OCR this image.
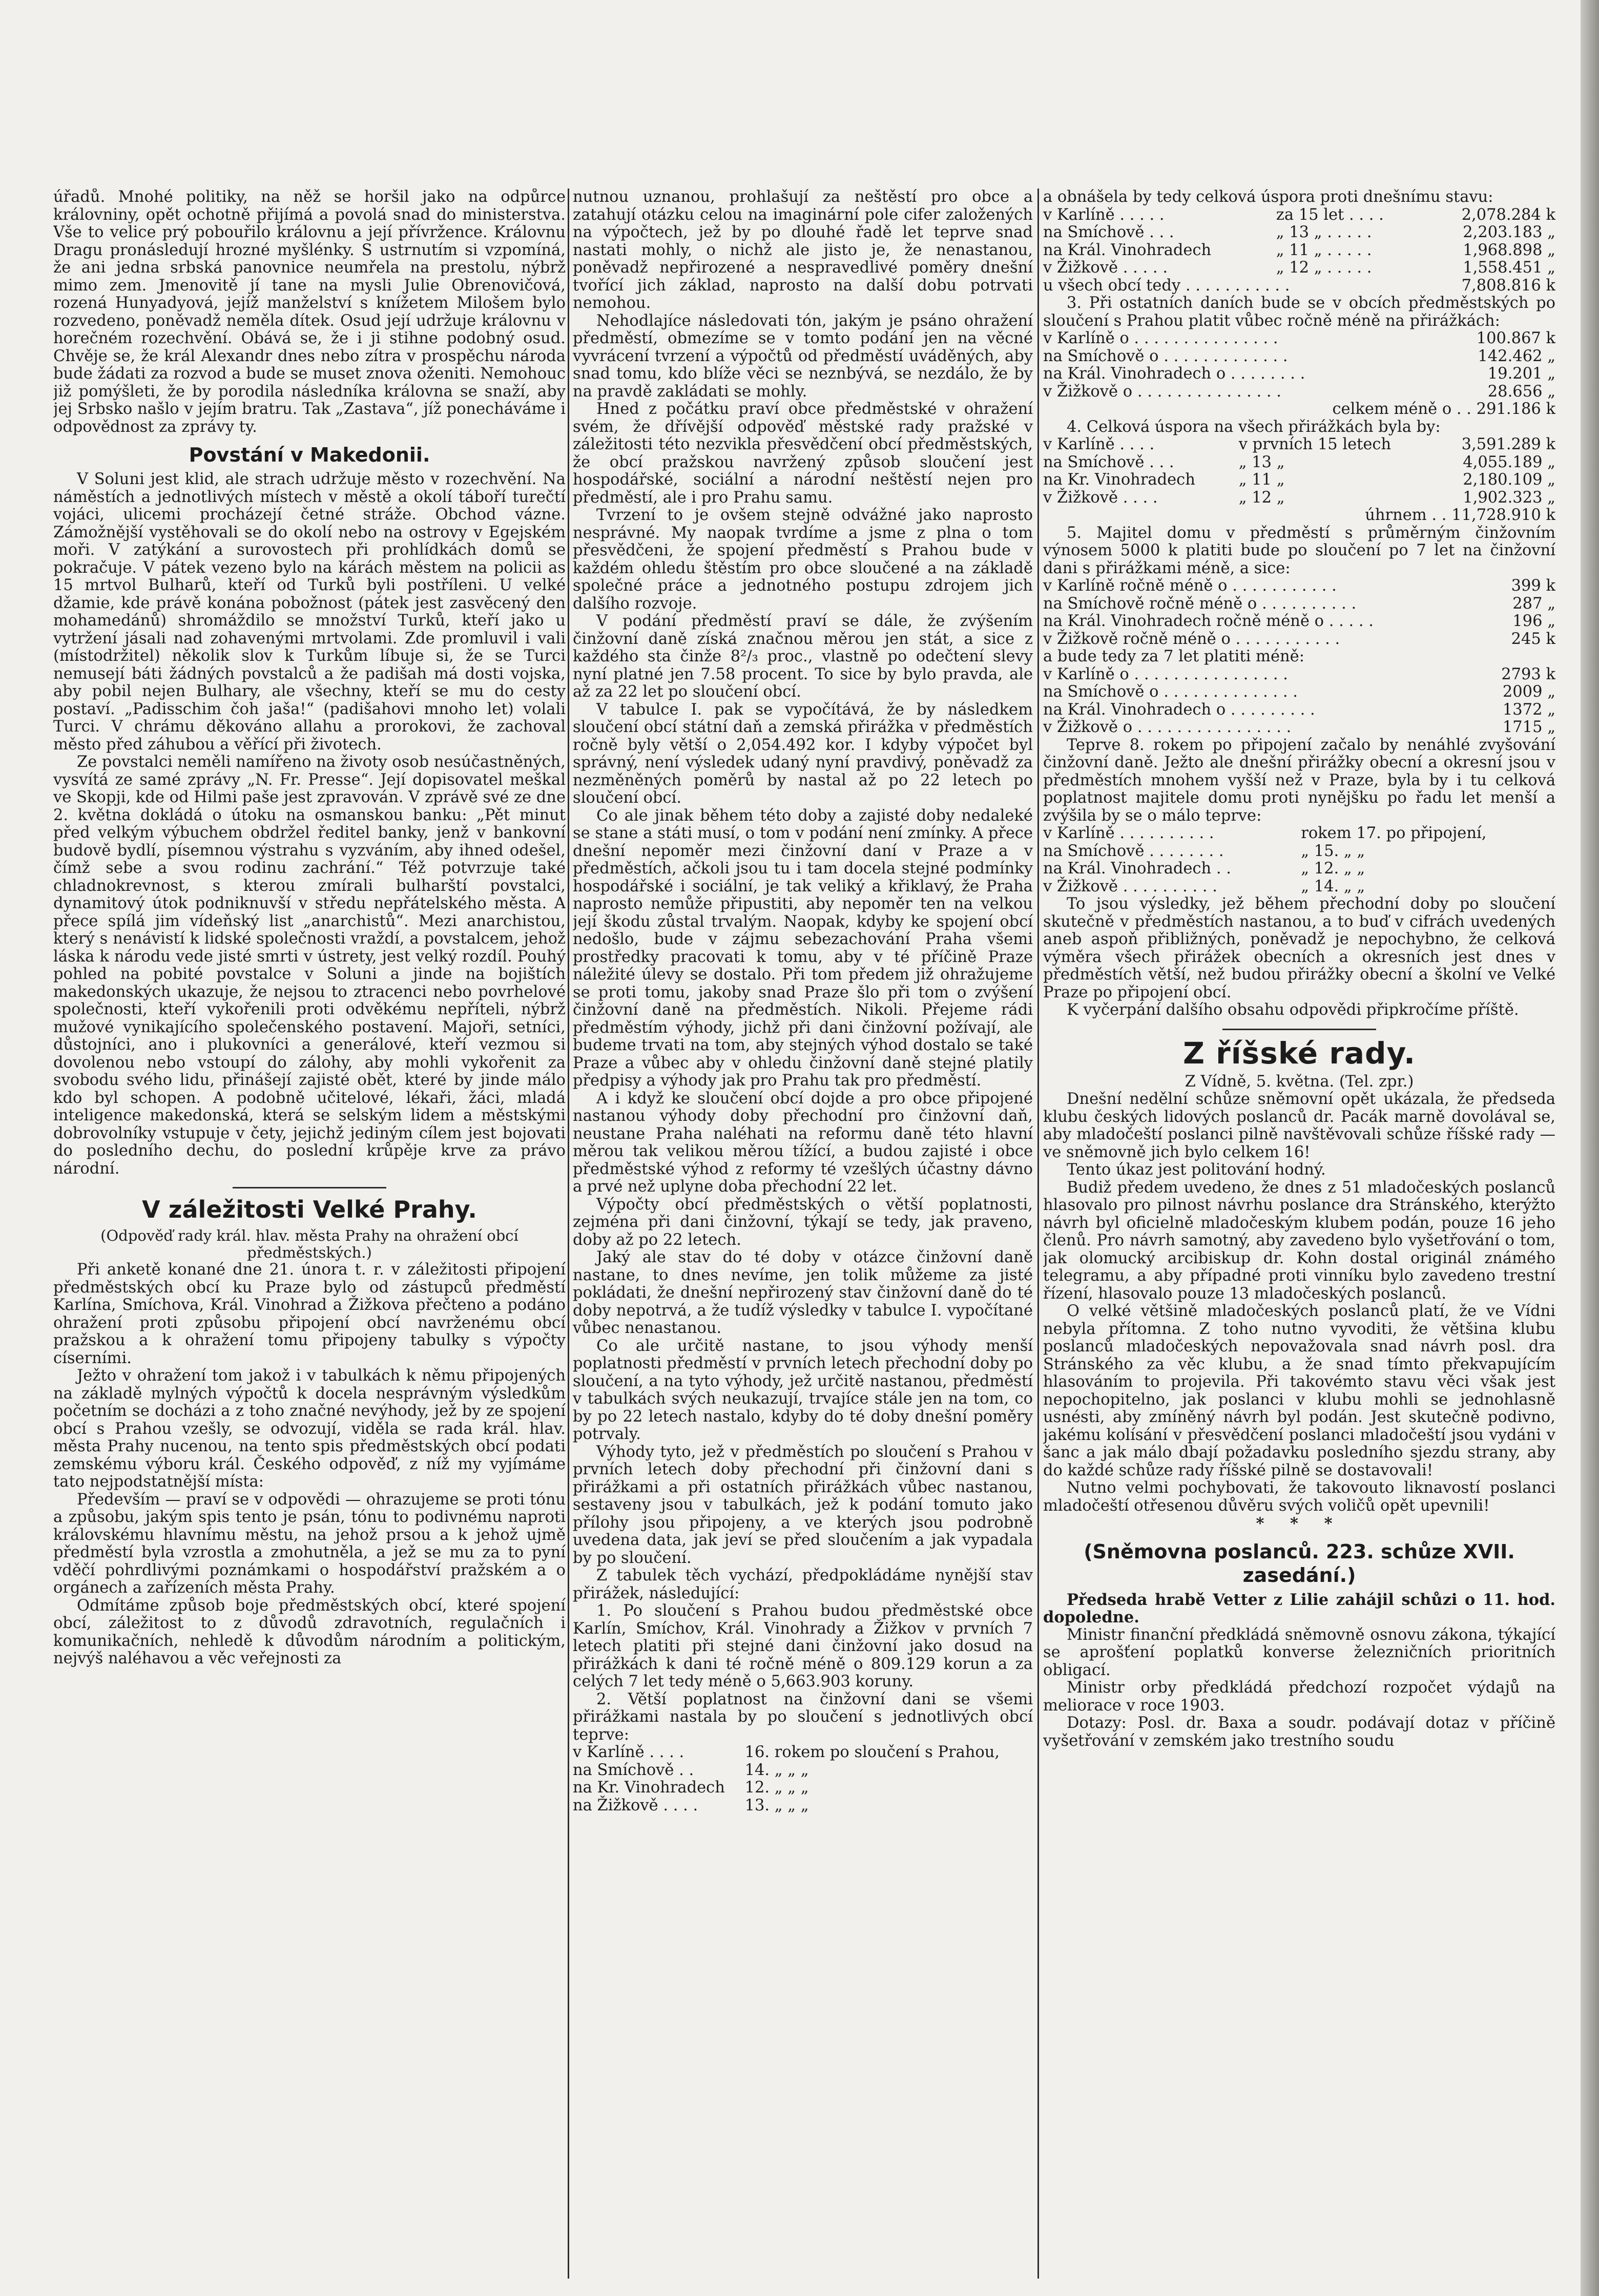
úřadů. Mnohé politiky, na něž se horšil jako na odpůrce královniny, opět ochotně přijímá a povolá snad do ministerstva. Vše to velice prý pobouřilo královnu a její přívržence. Královnu Dragu pronásledují hrozné myšlénky. S ustrnutím si vzpomíná, že ani jedna srbská panovnice neumřela na prestolu, nýbrž mimo zem. Jmenovitě jí tane na mysli Julie Obrenovičová, rozená Hunyadyová, jejíž manželství s knížetem Milošem bylo rozvedeno, poněvadž neměla dítek. Osud její udržuje královnu v horečném rozechvění. Obává se, že i ji stihne podobný osud. Chvěje se, že král Alexandr dnes nebo zítra v prospěchu národa bude žádati za rozvod a bude se muset znova oženiti. Nemohouc již pomýšleti, že by porodila následníka královna se snaží, aby jej Srbsko našlo v jejím bratru. Tak „Zastava“, jíž ponecháváme i odpovědnost za zprávy ty.

Povstání v Makedonii.

V Soluni jest klid, ale strach udržuje město v rozechvění. Na náměstích a jednotlivých místech v městě a okolí táboří turečtí vojáci, ulicemi procházejí četné stráže. Obchod vázne. Zámožnější vystěhovali se do okolí nebo na ostrovy v Egejském moři. V zatýkání a surovostech při prohlídkách domů se pokračuje. V pátek vezeno bylo na kárách městem na policii as 15 mrtvol Bulharů, kteří od Turků byli postříleni. U velké džamie, kde právě konána pobožnost (pátek jest zasvěcený den mohamedánů) shromáždilo se množství Turků, kteří jako u vytržení jásali nad zohavenými mrtvolami. Zde promluvil i vali (místodržitel) několik slov k Turkům líbuje si, že se Turci nemusejí báti žádných povstalců a že padišah má dosti vojska, aby pobil nejen Bulhary, ale všechny, kteří se mu do cesty postaví. „Padisschim čoh jaša!“ (padišahovi mnoho let) volali Turci. V chrámu děkováno allahu a prorokovi, že zachoval město před záhubou a věřící při životech.

Ze povstalci neměli namířeno na životy osob nesúčastněných, vysvítá ze samé zprávy „N. Fr. Presse“. Její dopisovatel meškal ve Skopji, kde od Hilmi paše jest zpravován. V zprávě své ze dne 2. května dokládá o útoku na osmanskou banku: „Pět minut před velkým výbuchem obdržel ředitel banky, jenž v bankovní budově bydlí, písemnou výstrahu s vyzváním, aby ihned odešel, čímž sebe a svou rodinu zachrání.“ Též potvrzuje také chladnokrevnost, s kterou zmírali bulharští povstalci, dynamitový útok podniknuvší v středu nepřátelského města. A přece spílá jim vídeňský list „anarchistů“. Mezi anarchistou, který s nenávistí k lidské společnosti vraždí, a povstalcem, jehož láska k národu vede jisté smrti v ústrety, jest velký rozdíl. Pouhý pohled na pobité povstalce v Soluni a jinde na bojištích makedonských ukazuje, že nejsou to ztracenci nebo povrhelové společnosti, kteří vykořenili proti odvěkému nepříteli, nýbrž mužové vynikajícího společenského postavení. Majoři, setníci, důstojníci, ano i plukovníci a generálové, kteří vezmou si dovolenou nebo vstoupí do zálohy, aby mohli vykořenit za svobodu svého lidu, přinášejí zajisté obět, které by jinde málo kdo byl schopen. A podobně učitelové, lékaři, žáci, mladá inteligence makedonská, která se selským lidem a městskými dobrovolníky vstupuje v čety, jejichž jediným cílem jest bojovati do posledního dechu, do poslední krůpěje krve za právo národní.

V záležitosti Velké Prahy.

(Odpověď rady král. hlav. města Prahy na ohražení obcí předměstských.)

Při anketě konané dne 21. února t. r. v záležitosti připojení předměstských obcí ku Praze bylo od zástupců předměstí Karlína, Smíchova, Král. Vinohrad a Žižkova přečteno a podáno ohražení proti způsobu připojení obcí navrženému obcí pražskou a k ohražení tomu připojeny tabulky s výpočty císerními.

Ježto v ohražení tom jakož i v tabulkách k němu připojených na základě mylných výpočtů k docela nesprávným výsledkům početním se docházi a z toho značné nevýhody, jež by ze spojení obcí s Prahou vzešly, se odvozují, viděla se rada král. hlav. města Prahy nucenou, na tento spis předměstských obcí podati zemskému výboru král. Českého odpověď, z níž my vyjímáme tato nejpodstatnější místa:

Především — praví se v odpovědi — ohrazujeme se proti tónu a způsobu, jakým spis tento je psán, tónu to podivnému naproti královskému hlavnímu městu, na jehož prsou a k jehož ujmě předměstí byla vzrostla a zmohutněla, a jež se mu za to pyní vděčí pohrdlivými poznámkami o hospodářství pražském a o orgánech a zařízeních města Prahy.

Odmítáme způsob boje předměstských obcí, které spojení obcí, záležitost to z důvodů zdravotních, regulačních i komunikačních, nehledě k důvodům národním a politickým, nejvýš naléhavou a věc veřejnosti za

nutnou uznanou, prohlašují za neštěstí pro obce a zatahují otázku celou na imaginární pole cifer založených na výpočtech, jež by po dlouhé řadě let teprve snad nastati mohly, o nichž ale jisto je, že nenastanou, poněvadž nepřirozené a nespravedlivé poměry dnešní tvořící jich základ, naprosto na další dobu potrvati nemohou.

Nehodlajíce následovati tón, jakým je psáno ohražení předměstí, obmezíme se v tomto podání jen na věcné vyvrácení tvrzení a výpočtů od předměstí uváděných, aby snad tomu, kdo blíže věci se neznbývá, se nezdálo, že by na pravdě zakládati se mohly.

Hned z počátku praví obce předměstské v ohražení svém, že dřívější odpověď městské rady pražské v záležitosti této nezvikla přesvědčení obcí předměstských, že obcí pražskou navržený způsob sloučení jest hospodářské, sociální a národní neštěstí nejen pro předměstí, ale i pro Prahu samu.

Tvrzení to je ovšem stejně odvážné jako naprosto nesprávné. My naopak tvrdíme a jsme z plna o tom přesvědčeni, že spojení předměstí s Prahou bude v každém ohledu štěstím pro obce sloučené a na základě společné práce a jednotného postupu zdrojem jich dalšího rozvoje.

V podání předměstí praví se dále, že zvýšením činžovní daně získá značnou měrou jen stát, a sice z každého sta činže 8²/₃ proc., vlastně po odečtení slevy nyní platné jen 7.58 procent. To sice by bylo pravda, ale až za 22 let po sloučení obcí.

V tabulce I. pak se vypočítává, že by následkem sloučení obcí státní daň a zemská přirážka v předměstích ročně byly větší o 2,054.492 kor. I kdyby výpočet byl správný, není výsledek udaný nyní pravdivý, poněvadž za nezměněných poměrů by nastal až po 22 letech po sloučení obcí.

Co ale jinak během této doby a zajisté doby nedaleké se stane a státi musí, o tom v podání není zmínky. A přece dnešní nepoměr mezi činžovní daní v Praze a v předměstích, ačkoli jsou tu i tam docela stejné podmínky hospodářské i sociální, je tak veliký a křiklavý, že Praha naprosto nemůže připustiti, aby nepoměr ten na velkou její škodu zůstal trvalým. Naopak, kdyby ke spojení obcí nedošlo, bude v zájmu sebezachování Praha všemi prostředky pracovati k tomu, aby v té příčině Praze náležité úlevy se dostalo. Při tom předem již ohražujeme se proti tomu, jakoby snad Praze šlo při tom o zvýšení činžovní daně na předměstích. Nikoli. Přejeme rádi předměstím výhody, jichž při dani činžovní požívají, ale budeme trvati na tom, aby stejných výhod dostalo se také Praze a vůbec aby v ohledu činžovní daně stejné platily předpisy a výhody jak pro Prahu tak pro předměstí.

A i když ke sloučení obcí dojde a pro obce připojené nastanou výhody doby přechodní pro činžovní daň, neustane Praha naléhati na reformu daně této hlavní měrou tak velikou měrou tížící, a budou zajisté i obce předměstské výhod z reformy té vzešlých účastny dávno a prvé než uplyne doba přechodní 22 let.

Výpočty obcí předměstských o větší poplatnosti, zejména při dani činžovní, týkají se tedy, jak praveno, doby až po 22 letech.

Jaký ale stav do té doby v otázce činžovní daně nastane, to dnes nevíme, jen tolik můžeme za jisté pokládati, že dnešní nepřirozený stav činžovní daně do té doby nepotrvá, a že tudíž výsledky v tabulce I. vypočítané vůbec nenastanou.

Co ale určitě nastane, to jsou výhody menší poplatnosti předměstí v prvních letech přechodní doby po sloučení, a na tyto výhody, jež určitě nastanou, předměstí v tabulkách svých neukazují, trvajíce stále jen na tom, co by po 22 letech nastalo, kdyby do té doby dnešní poměry potrvaly.

Výhody tyto, jež v předměstích po sloučení s Prahou v prvních letech doby přechodní při činžovní dani s přirážkami a při ostatních přirážkách vůbec nastanou, sestaveny jsou v tabulkách, jež k podání tomuto jako přílohy jsou připojeny, a ve kterých jsou podrobně uvedena data, jak jeví se před sloučením a jak vypadala by po sloučení.

Z tabulek těch vychází, předpokládáme nynější stav přirážek, následující:

1. Po sloučení s Prahou budou předměstské obce Karlín, Smíchov, Král. Vinohrady a Žižkov v prvních 7 letech platiti při stejné dani činžovní jako dosud na přirážkách k dani té ročně méně o 809.129 korun a za celých 7 let tedy méně o 5,663.903 koruny.

2. Větší poplatnost na činžovní dani se všemi přirážkami nastala by po sloučení s jednotlivých obcí teprve:

v Karlíně . . . .	16. rokem po sloučení s Prahou,
na Smíchově . .	14. „ „ „
na Kr. Vinohradech	12. „ „ „
na Žižkově . . . .	13. „ „ „

a obnášela by tedy celková úspora proti dnešnímu stavu:

v Karlíně . . . . .	za 15 let . . . .	2,078.284 k
na Smíchově . . .	„ 13 „ . . . . .	2,203.183 „
na Král. Vinohradech	„ 11 „ . . . . .	1,968.898 „
v Žižkově . . . . .	„ 12 „ . . . . .	1,558.451 „
u všech obcí tedy . . . . . . . . . . .		7,808.816 k

3. Při ostatních daních bude se v obcích předměstských po sloučení s Prahou platit vůbec ročně méně na přirážkách:

v Karlíně o . . . . . . . . . . . . . . .	100.867 k
na Smíchově o . . . . . . . . . . . . .	142.462 „
na Král. Vinohradech o . . . . . . . .	19.201 „
v Žižkově o . . . . . . . . . . . . . . .	28.656 „
celkem méně o . . 291.186 k

4. Celková úspora na všech přirážkách byla by:

v Karlíně . . . .	v prvních 15 letech	3,591.289 k
na Smíchově . . .	„ 13 „	4,055.189 „
na Kr. Vinohradech	„ 11 „	2,180.109 „
v Žižkově . . . .	„ 12 „	1,902.323 „
úhrnem . . 11,728.910 k

5. Majitel domu v předměstí s průměrným činžovním výnosem 5000 k platiti bude po sloučení po 7 let na činžovní dani s přirážkami méně, a sice:

v Karlíně ročně méně o . . . . . . . . . . .	399 k
na Smíchově ročně méně o . . . . . . . . . .	287 „
na Král. Vinohradech ročně méně o . . . . .	196 „
v Žižkově ročně méně o . . . . . . . . . . .	245 k

a bude tedy za 7 let platiti méně:

v Karlíně o . . . . . . . . . . . . . . . .	2793 k
na Smíchově o . . . . . . . . . . . . . .	2009 „
na Král. Vinohradech o . . . . . . . . .	1372 „
v Žižkově o . . . . . . . . . . . . . . . .	1715 „

Teprve 8. rokem po připojení začalo by nenáhlé zvyšování činžovní daně. Ježto ale dnešní přirážky obecní a okresní jsou v předměstích mnohem vyšší než v Praze, byla by i tu celková poplatnost majitele domu proti nynějšku po řadu let menší a zvýšila by se o málo teprve:

v Karlíně . . . . . . . . . .	rokem 17. po připojení,
na Smíchově . . . . . . . .	„ 15. „ „
na Král. Vinohradech . .	„ 12. „ „
v Žižkově . . . . . . . . . .	„ 14. „ „

To jsou výsledky, jež během přechodní doby po sloučení skutečně v předměstích nastanou, a to buď v cifrách uvedených aneb aspoň přibližných, poněvadž je nepochybno, že celková výměra všech přirážek obecních a okresních jest dnes v předměstích větší, než budou přirážky obecní a školní ve Velké Praze po připojení obcí.

K vyčerpání dalšího obsahu odpovědi připkročíme příště.

Z říšské rady.

Z Vídně, 5. května. (Tel. zpr.)

Dnešní nedělní schůze sněmovní opět ukázala, že předseda klubu českých lidových poslanců dr. Pacák marně dovolával se, aby mladočeští poslanci pilně navštěvovali schůze říšské rady — ve sněmovně jich bylo celkem 16!

Tento úkaz jest politování hodný.

Budiž předem uvedeno, že dnes z 51 mladočeských poslanců hlasovalo pro pilnost návrhu poslance dra Stránského, kterýžto návrh byl oficielně mladočeským klubem podán, pouze 16 jeho členů. Pro návrh samotný, aby zavedeno bylo vyšetřování o tom, jak olomucký arcibiskup dr. Kohn dostal originál známého telegramu, a aby případné proti vinníku bylo zavedeno trestní řízení, hlasovalo pouze 13 mladočeských poslanců.

O velké většině mladočeských poslanců platí, že ve Vídni nebyla přítomna. Z toho nutno vyvoditi, že většina klubu poslanců mladočeských nepovažovala snad návrh posl. dra Stránského za věc klubu, a že snad tímto překvapujícím hlasováním to projevila. Při takovémto stavu věci však jest nepochopitelno, jak poslanci v klubu mohli se jednohlasně usnésti, aby zmíněný návrh byl podán. Jest skutečně podivno, jakému kolísání v přesvědčení poslanci mladočeští jsou vydáni v šanc a jak málo dbají požadavku posledního sjezdu strany, aby do každé schůze rady říšské pilně se dostavovali!

Nutno velmi pochybovati, že takovouto liknavostí poslanci mladočeští otřesenou důvěru svých voličů opět upevnili!

* * *
(Sněmovna poslanců. 223. schůze XVII. zasedání.)

Předseda hrabě Vetter z Lilie zahájil schůzi o 11. hod. dopoledne.

Ministr finanční předkládá sněmovně osnovu zákona, týkající se aprošťení poplatků konverse železničních prioritních obligací.

Ministr orby předkládá předchozí rozpočet výdajů na meliorace v roce 1903.

Dotazy: Posl. dr. Baxa a soudr. podávají dotaz v příčině vyšetřování v zemském jako trestního soudu
